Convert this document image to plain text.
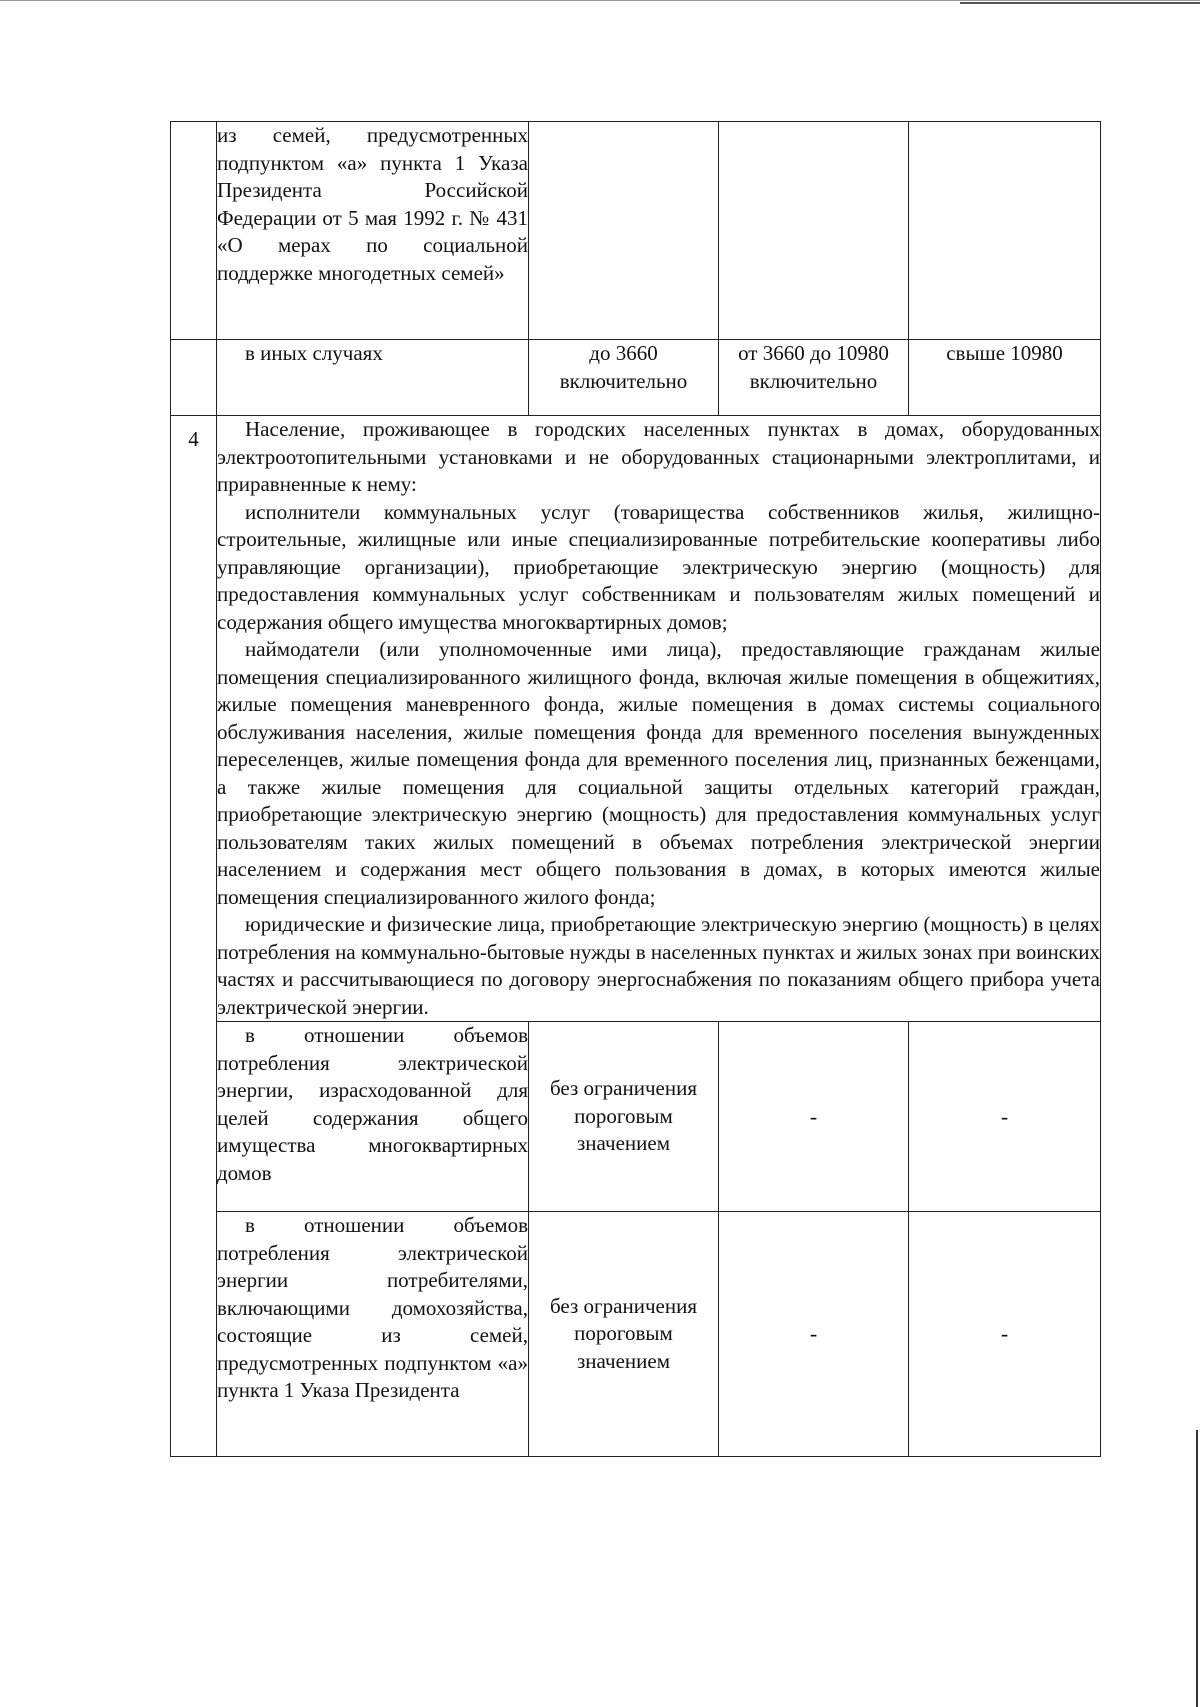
	из семей, предусмотренных подпунктом «а» пункта 1 Указа Президента Российской Федерации от 5 мая 1992 г. № 431 «О мерах по социальной поддержке многодетных семей»			
	в иных случаях	до 3660 включительно	от 3660 до 10980 включительно	свыше 10980

4	Население, проживающее в городских населенных пунктах в домах, оборудованных электроотопительными установками и не оборудованных стационарными электроплитами, и приравненные к нему:

исполнители коммунальных услуг (товарищества собственников жилья, жилищно-строительные, жилищные или иные специализированные потребительские кооперативы либо управляющие организации), приобретающие электрическую энергию (мощность) для предоставления коммунальных услуг собственникам и пользователям жилых помещений и содержания общего имущества многоквартирных домов;

наймодатели (или уполномоченные ими лица), предоставляющие гражданам жилые помещения специализированного жилищного фонда, включая жилые помещения в общежитиях, жилые помещения маневренного фонда, жилые помещения в домах системы социального обслуживания населения, жилые помещения фонда для временного поселения вынужденных переселенцев, жилые помещения фонда для временного поселения лиц, признанных беженцами, а также жилые помещения для социальной защиты отдельных категорий граждан, приобретающие электрическую энергию (мощность) для предоставления коммунальных услуг пользователям таких жилых помещений в объемах потребления электрической энергии населением и содержания мест общего пользования в домах, в которых имеются жилые помещения специализированного жилого фонда;

юридические и физические лица, приобретающие электрическую энергию (мощность) в целях потребления на коммунально-бытовые нужды в населенных пунктах и жилых зонах при воинских частях и рассчитывающиеся по договору энергоснабжения по показаниям общего прибора учета электрической энергии.			

	в отношении объемов потребления электрической энергии, израсходованной для целей содержания общего имущества многоквартирных домов	без ограничения пороговым значением	-	-

	в отношении объемов потребления электрической энергии потребителями, включающими домохозяйства, состоящие из семей, предусмотренных подпунктом «а» пункта 1 Указа Президента	без ограничения пороговым значением	-	-
